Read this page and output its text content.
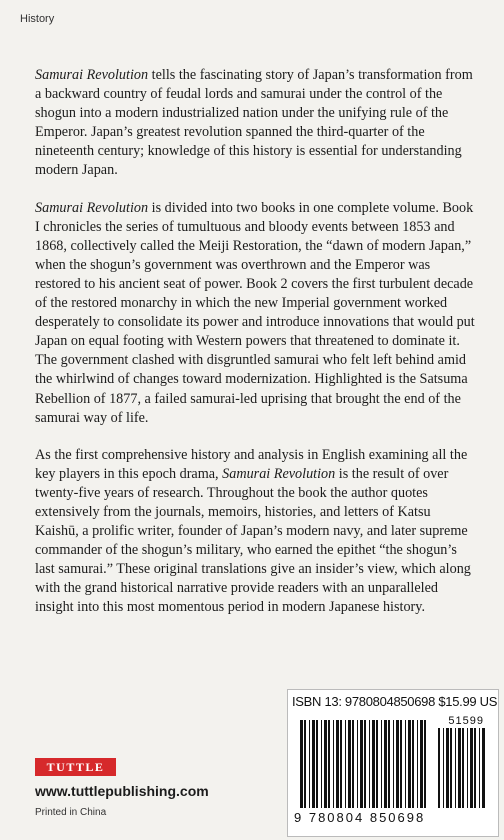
History

Samurai Revolution tells the fascinating story of Japan’s transformation from a backward country of feudal lords and samurai under the control of the shogun into a modern industrialized nation under the unifying rule of the Emperor. Japan’s greatest revolution spanned the third-quarter of the nineteenth century; knowledge of this history is essential for understanding modern Japan.

Samurai Revolution is divided into two books in one complete volume. Book I chronicles the series of tumultuous and bloody events between 1853 and 1868, collectively called the Meiji Restoration, the “dawn of modern Japan,” when the shogun’s government was overthrown and the Emperor was restored to his ancient seat of power. Book 2 covers the first turbulent decade of the restored monarchy in which the new Imperial government worked desperately to consolidate its power and introduce innovations that would put Japan on equal footing with Western powers that threatened to dominate it. The government clashed with disgruntled samurai who felt left behind amid the whirlwind of changes toward modernization. Highlighted is the Satsuma Rebellion of 1877, a failed samurai-led uprising that brought the end of the samurai way of life.

As the first comprehensive history and analysis in English examining all the key players in this epoch drama, Samurai Revolution is the result of over twenty-five years of research. Throughout the book the author quotes extensively from the journals, memoirs, histories, and letters of Katsu Kaishū, a prolific writer, founder of Japan’s modern navy, and later supreme commander of the shogun’s military, who earned the epithet “the shogun’s last samurai.” These original translations give an insider’s view, which along with the grand historical narrative provide readers with an unparalleled insight into this most momentous period in modern Japanese history.

TUTTLE
www.tuttlepublishing.com
Printed in China
ISBN 13: 9780804850698 $15.99 US
51599
9 780804 850698
